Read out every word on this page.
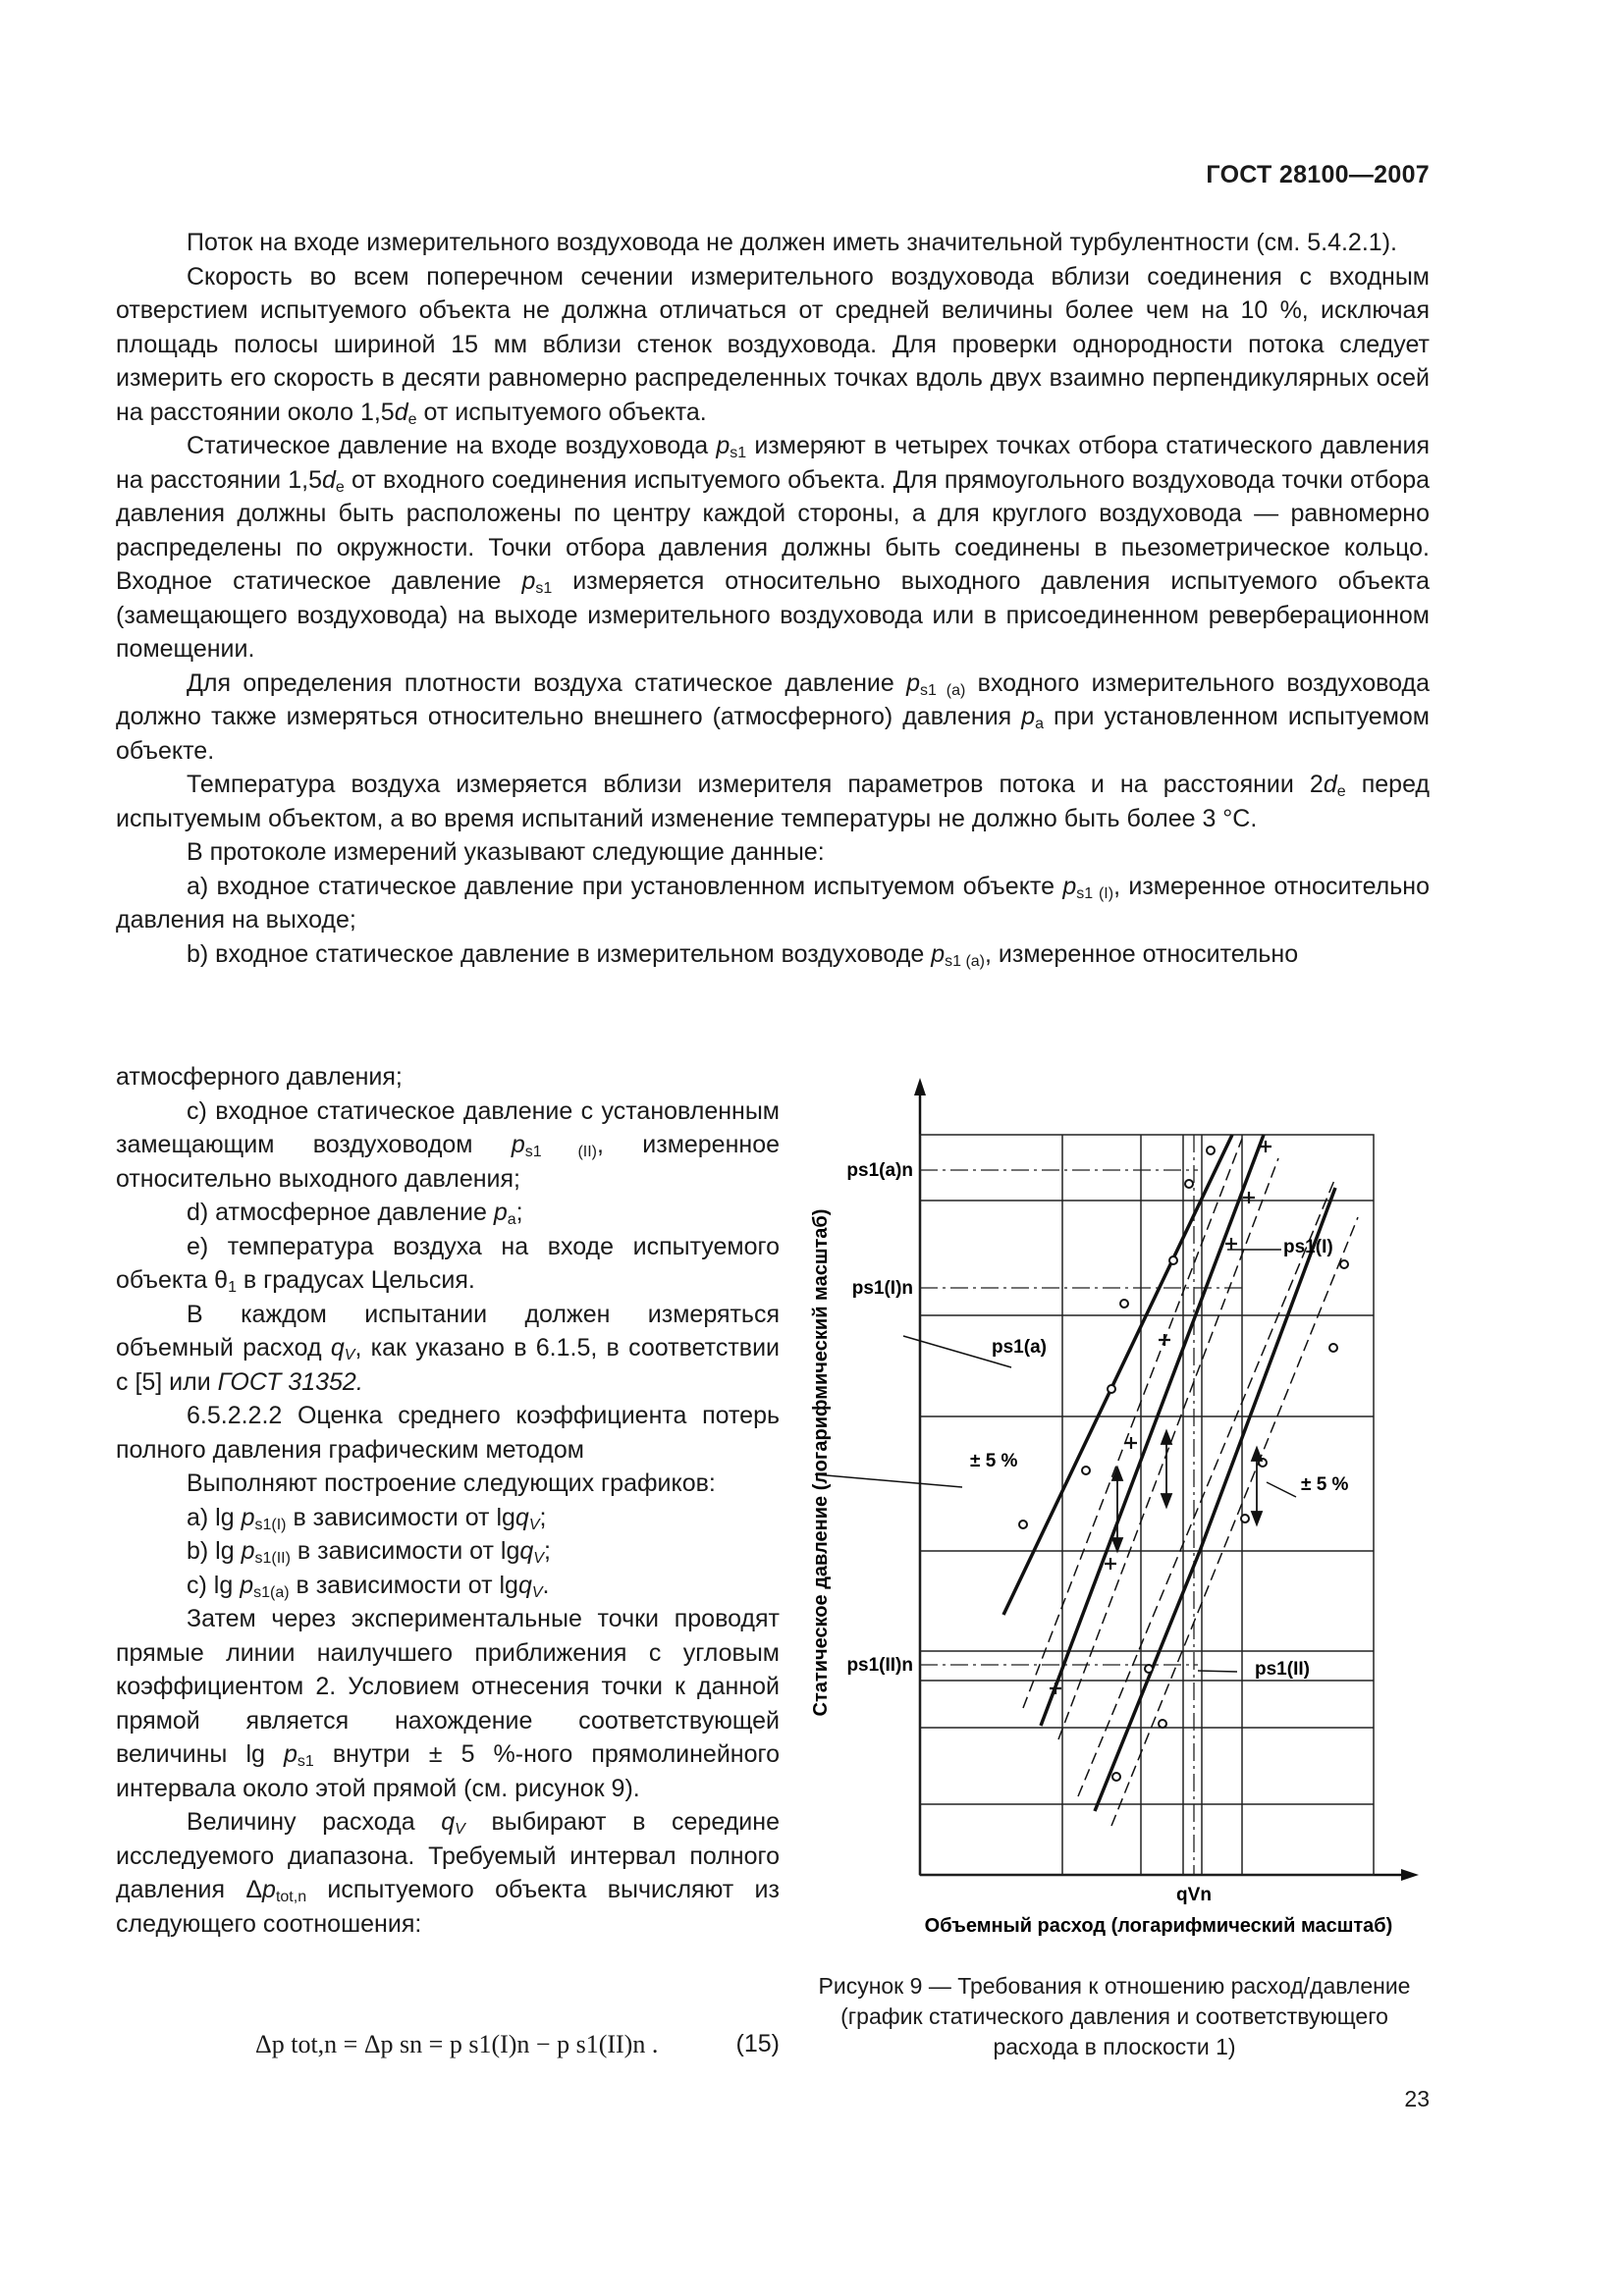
ГОСТ 28100—2007

Поток на входе измерительного воздуховода не должен иметь значительной турбулентности (см. 5.4.2.1).

Скорость во всем поперечном сечении измерительного воздуховода вблизи соединения с входным отверстием испытуемого объекта не должна отличаться от средней величины более чем на 10 %, исключая площадь полосы шириной 15 мм вблизи стенок воздуховода. Для проверки однородности потока следует измерить его скорость в десяти равномерно распределенных точках вдоль двух взаимно перпендикулярных осей на расстоянии около $1,5d_e$ от испытуемого объекта.

Статическое давление на входе воздуховода $p_{s1}$ измеряют в четырех точках отбора статического давления на расстоянии $1,5d_e$ от входного соединения испытуемого объекта. Для прямоугольного воздуховода точки отбора давления должны быть расположены по центру каждой стороны, а для круглого воздуховода — равномерно распределены по окружности. Точки отбора давления должны быть соединены в пьезометрическое кольцо. Входное статическое давление $p_{s1}$ измеряется относительно выходного давления испытуемого объекта (замещающего воздуховода) на выходе измерительного воздуховода или в присоединенном реверберационном помещении.

Для определения плотности воздуха статическое давление $p_{s1 (a)}$ входного измерительного воздуховода должно также измеряться относительно внешнего (атмосферного) давления $p_a$ при установленном испытуемом объекте.

Температура воздуха измеряется вблизи измерителя параметров потока и на расстоянии $2d_e$ перед испытуемым объектом, а во время испытаний изменение температуры не должно быть более 3 °С.

В протоколе измерений указывают следующие данные:

а) входное статическое давление при установленном испытуемом объекте $p_{s1 (I)}$, измеренное относительно давления на выходе;

b) входное статическое давление в измерительном воздуховоде $p_{s1 (a)}$, измеренное относительно

атмосферного давления;

c) входное статическое давление с установленным замещающим воздуховодом $p_{s1 (II)}$, измеренное относительно выходного давления;

d) атмосферное давление $p_a$;

e) температура воздуха на входе испытуемого объекта $\theta_1$ в градусах Цельсия.

В каждом испытании должен измеряться объемный расход $q_V$, как указано в 6.1.5, в соответствии с [5] или ГОСТ 31352.

6.5.2.2.2 Оценка среднего коэффициента потерь полного давления графическим методом

Выполняют построение следующих графиков:

а) $\lg p_{s1(I)}$ в зависимости от lgq$_V$;

b) $\lg p_{s1(II)}$ в зависимости от lgq$_V$;

c) $\lg p_{s1(a)}$ в зависимости от lgq$_V$.

Затем через экспериментальные точки проводят прямые линии наилучшего приближения с угловым коэффициентом 2. Условием отнесения точки к данной прямой является нахождение соответствующей величины $\lg p_{s1}$ внутри ± 5 %-ного прямолинейного интервала около этой прямой (см. рисунок 9).

Величину расхода $q_V$ выбирают в середине исследуемого диапазона. Требуемый интервал полного давления $\Delta p_{tot,n}$ испытуемого объекта вычисляют из следующего соотношения:

Δp tot,n = Δp sn = p s1(I)n − p s1(II)n .	(15)
ps1(a)n
ps1(I)n
ps1(II)n
qVn
ps1(a)
ps1(I)
ps1(II)
± 5 %
± 5 %
Объемный расход (логарифмический масштаб)
Статическое давление (логарифмический масштаб)
Рисунок 9 — Требования к отношению расход/давление (график статического давления и соответствующего расхода в плоскости 1)
23
